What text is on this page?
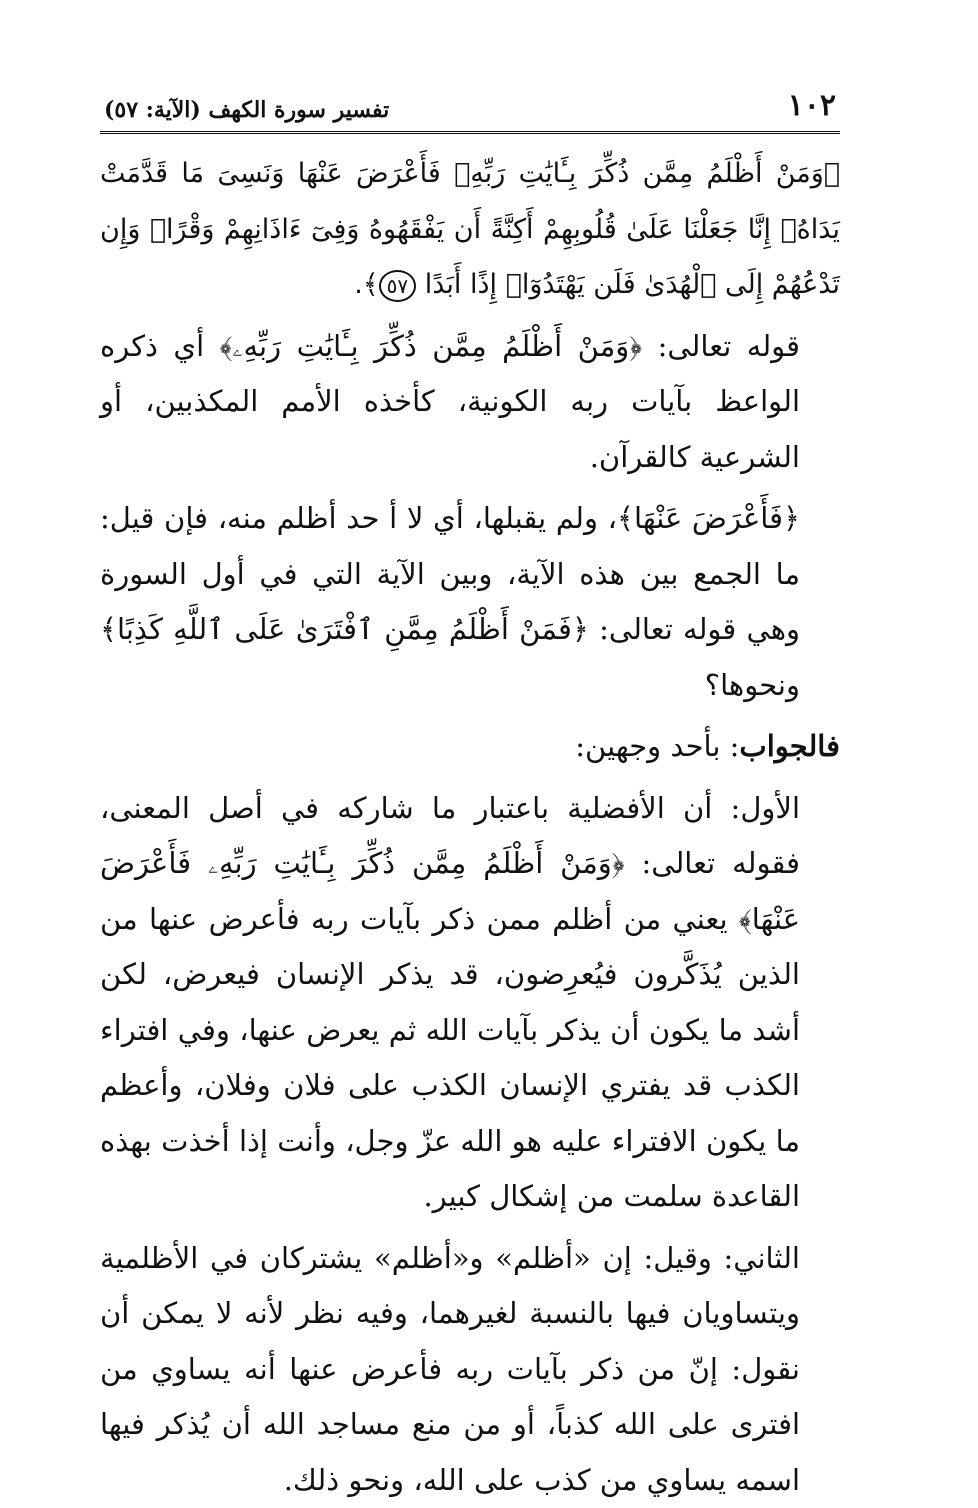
١٠٢
تفسير سورة الكهف (الآية: ٥٧)

﴿وَمَنْ أَظْلَمُ مِمَّن ذُكِّرَ بِـَٔايَٰتِ رَبِّهِۦ فَأَعْرَضَ عَنْهَا وَنَسِىَ مَا قَدَّمَتْ يَدَاهُۚ إِنَّا جَعَلْنَا عَلَىٰ قُلُوبِهِمْ أَكِنَّةً أَن يَفْقَهُوهُ وَفِىٓ ءَاذَانِهِمْ وَقْرًاۖ وَإِن تَدْعُهُمْ إِلَى ٱلْهُدَىٰ فَلَن يَهْتَدُوٓا۟ إِذًا أَبَدًا ٥٧﴾.

قوله تعالى: ﴿وَمَنْ أَظْلَمُ مِمَّن ذُكِّرَ بِـَٔايَٰتِ رَبِّهِۦ﴾ أي ذكره الواعظ بآيات ربه الكونية، كأخذه الأمم المكذبين، أو الشرعية كالقرآن.

﴿فَأَعْرَضَ عَنْهَا﴾، ولم يقبلها، أي لا أ حد أظلم منه، فإن قيل: ما الجمع بين هذه الآية، وبين الآية التي في أول السورة وهي قوله تعالى: ﴿فَمَنْ أَظْلَمُ مِمَّنِ ٱفْتَرَىٰ عَلَى ٱللَّهِ كَذِبًا﴾ ونحوها؟

فالجواب: بأحد وجهين:

الأول: أن الأفضلية باعتبار ما شاركه في أصل المعنى، فقوله تعالى: ﴿وَمَنْ أَظْلَمُ مِمَّن ذُكِّرَ بِـَٔايَٰتِ رَبِّهِۦ فَأَعْرَضَ عَنْهَا﴾ يعني من أظلم ممن ذكر بآيات ربه فأعرض عنها من الذين يُذَكَّرون فيُعرِضون، قد يذكر الإنسان فيعرض، لكن أشد ما يكون أن يذكر بآيات الله ثم يعرض عنها، وفي افتراء الكذب قد يفتري الإنسان الكذب على فلان وفلان، وأعظم ما يكون الافتراء عليه هو الله عزّ وجل، وأنت إذا أخذت بهذه القاعدة سلمت من إشكال كبير.

الثاني: وقيل: إن «أظلم» و«أظلم» يشتركان في الأظلمية ويتساويان فيها بالنسبة لغيرهما، وفيه نظر لأنه لا يمكن أن نقول: إنّ من ذكر بآيات ربه فأعرض عنها أنه يساوي من افترى على الله كذباً، أو من منع مساجد الله أن يُذكر فيها اسمه يساوي من كذب على الله، ونحو ذلك.
